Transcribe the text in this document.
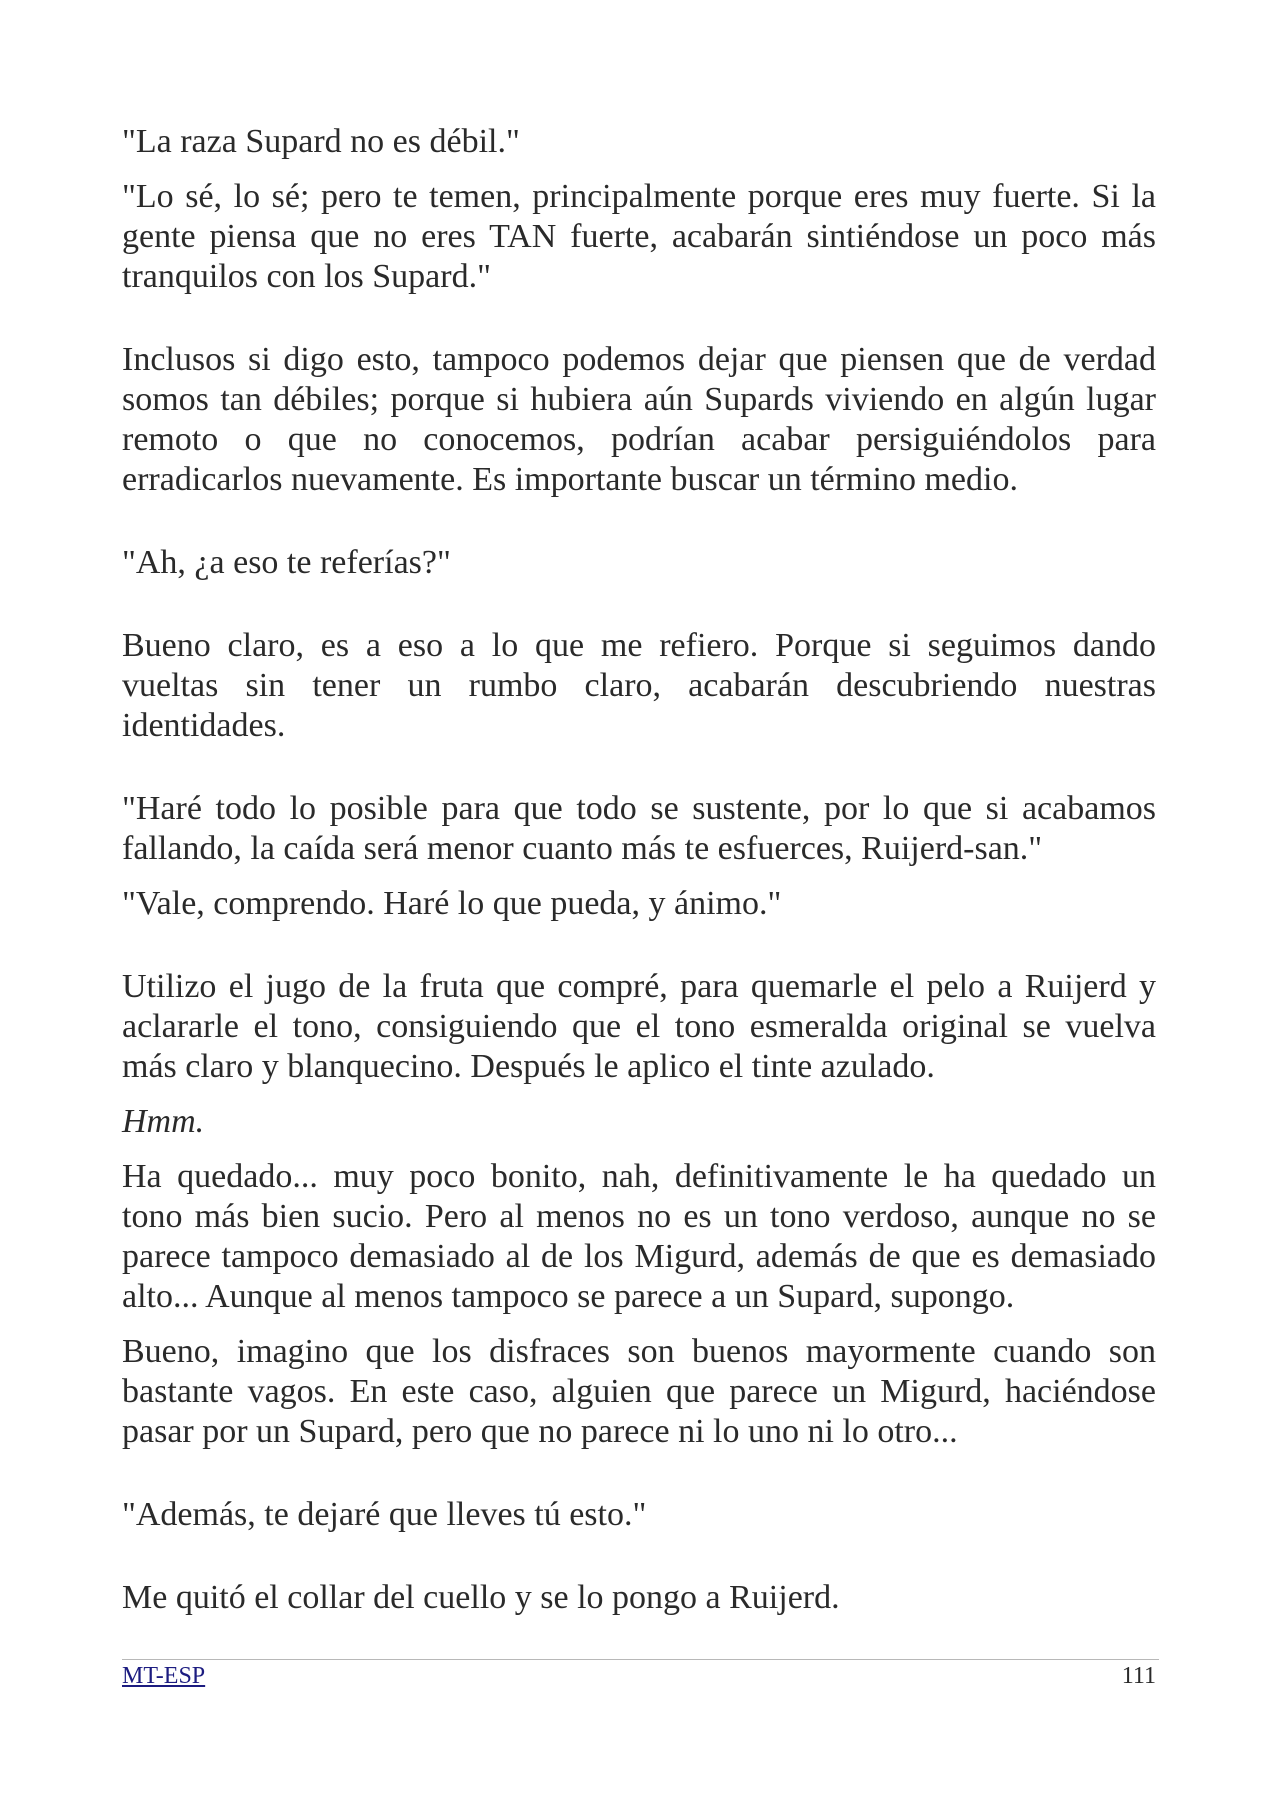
"La raza Supard no es débil."
"Lo sé, lo sé; pero te temen, principalmente porque eres muy fuerte. Si la
gente piensa que no eres TAN fuerte, acabarán sintiéndose un poco más
tranquilos con los Supard."
Inclusos si digo esto, tampoco podemos dejar que piensen que de verdad
somos tan débiles; porque si hubiera aún Supards viviendo en algún lugar
remoto o que no conocemos, podrían acabar persiguiéndolos para
erradicarlos nuevamente. Es importante buscar un término medio.
"Ah, ¿a eso te referías?"
Bueno claro, es a eso a lo que me refiero. Porque si seguimos dando
vueltas sin tener un rumbo claro, acabarán descubriendo nuestras
identidades.
"Haré todo lo posible para que todo se sustente, por lo que si acabamos
fallando, la caída será menor cuanto más te esfuerces, Ruijerd-san."
"Vale, comprendo. Haré lo que pueda, y ánimo."
Utilizo el jugo de la fruta que compré, para quemarle el pelo a Ruijerd y
aclararle el tono, consiguiendo que el tono esmeralda original se vuelva
más claro y blanquecino. Después le aplico el tinte azulado.
Hmm.
Ha quedado... muy poco bonito, nah, definitivamente le ha quedado un
tono más bien sucio. Pero al menos no es un tono verdoso, aunque no se
parece tampoco demasiado al de los Migurd, además de que es demasiado
alto... Aunque al menos tampoco se parece a un Supard, supongo.
Bueno, imagino que los disfraces son buenos mayormente cuando son
bastante vagos. En este caso, alguien que parece un Migurd, haciéndose
pasar por un Supard, pero que no parece ni lo uno ni lo otro...
"Además, te dejaré que lleves tú esto."
Me quitó el collar del cuello y se lo pongo a Ruijerd.
MT-ESP	111
